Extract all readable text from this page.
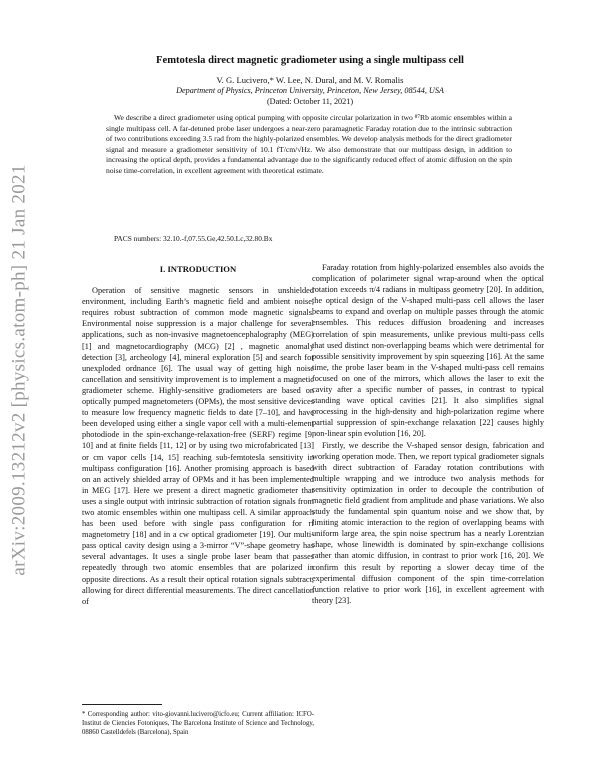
arXiv:2009.13212v2 [physics.atom-ph] 21 Jan 2021
Femtotesla direct magnetic gradiometer using a single multipass cell
V. G. Lucivero,* W. Lee, N. Dural, and M. V. Romalis
Department of Physics, Princeton University, Princeton, New Jersey, 08544, USA
(Dated: October 11, 2021)
We describe a direct gradiometer using optical pumping with opposite circular polarization in two ⁸⁷Rb atomic ensembles within a single multipass cell. A far-detuned probe laser undergoes a near-zero paramagnetic Faraday rotation due to the intrinsic subtraction of two contributions exceeding 3.5 rad from the highly-polarized ensembles. We develop analysis methods for the direct gradiometer signal and measure a gradiometer sensitivity of 10.1 fT/cm/√Hz. We also demonstrate that our multipass design, in addition to increasing the optical depth, provides a fundamental advantage due to the significantly reduced effect of atomic diffusion on the spin noise time-correlation, in excellent agreement with theoretical estimate.
PACS numbers: 32.10.-f,07.55.Ge,42.50.Lc,32.80.Bx
I. INTRODUCTION

Operation of sensitive magnetic sensors in unshielded environment, including Earth’s magnetic field and ambient noise, requires robust subtraction of common mode magnetic signals. Environmental noise suppression is a major challenge for several applications, such as non-invasive magnetoencephalography (MEG) [1] and magnetocardiography (MCG) [2] , magnetic anomaly detection [3], archeology [4], mineral exploration [5] and search for unexploded ordnance [6]. The usual way of getting high noise cancellation and sensitivity improvement is to implement a magnetic gradiometer scheme. Highly-sensitive gradiometers are based on optically pumped magnetometers (OPMs), the most sensitive devices to measure low frequency magnetic fields to date [7–10], and have been developed using either a single vapor cell with a multi-element photodiode in the spin-exchange-relaxation-free (SERF) regime [9, 10] and at finite fields [11, 12] or by using two microfabricated [13] or cm vapor cells [14, 15] reaching sub-femtotesla sensitivity in multipass configuration [16]. Another promising approach is based on an actively shielded array of OPMs and it has been implemented in MEG [17]. Here we present a direct magnetic gradiometer that uses a single output with intrinsic subtraction of rotation signals from two atomic ensembles within one multipass cell. A similar approach has been used before with single pass configuration for rf magnetometry [18] and in a cw optical gradiometer [19]. Our multi-pass optical cavity design using a 3-mirror “V”-shape geometry has several advantages. It uses a single probe laser beam that passes repeatedly through two atomic ensembles that are polarized in opposite directions. As a result their optical rotation signals subtract, allowing for direct differential measurements. The direct cancellation of

Faraday rotation from highly-polarized ensembles also avoids the complication of polarimeter signal wrap-around when the optical rotation exceeds π/4 radians in multipass geometry [20]. In addition, the optical design of the V-shaped multi-pass cell allows the laser beams to expand and overlap on multiple passes through the atomic ensembles. This reduces diffusion broadening and increases correlation of spin measurements, unlike previous multi-pass cells that used distinct non-overlapping beams which were detrimental for possible sensitivity improvement by spin squeezing [16]. At the same time, the probe laser beam in the V-shaped multi-pass cell remains focused on one of the mirrors, which allows the laser to exit the cavity after a specific number of passes, in contrast to typical standing wave optical cavities [21]. It also simplifies signal processing in the high-density and high-polarization regime where partial suppression of spin-exchange relaxation [22] causes highly non-linear spin evolution [16, 20].

Firstly, we describe the V-shaped sensor design, fabrication and working operation mode. Then, we report typical gradiometer signals with direct subtraction of Faraday rotation contributions with multiple wrapping and we introduce two analysis methods for sensitivity optimization in order to decouple the contribution of magnetic field gradient from amplitude and phase variations. We also study the fundamental spin quantum noise and we show that, by limiting atomic interaction to the region of overlapping beams with uniform large area, the spin noise spectrum has a nearly Lorentzian shape, whose linewidth is dominated by spin-exchange collisions rather than atomic diffusion, in contrast to prior work [16, 20]. We confirm this result by reporting a slower decay time of the experimental diffusion component of the spin time-correlation function relative to prior work [16], in excellent agreement with theory [23].

* Corresponding author: vito-giovanni.lucivero@icfo.eu; Current affiliation: ICFO-Institut de Ciencies Fotoniques, The Barcelona Institute of Science and Technology, 08860 Castelldefels (Barcelona), Spain
